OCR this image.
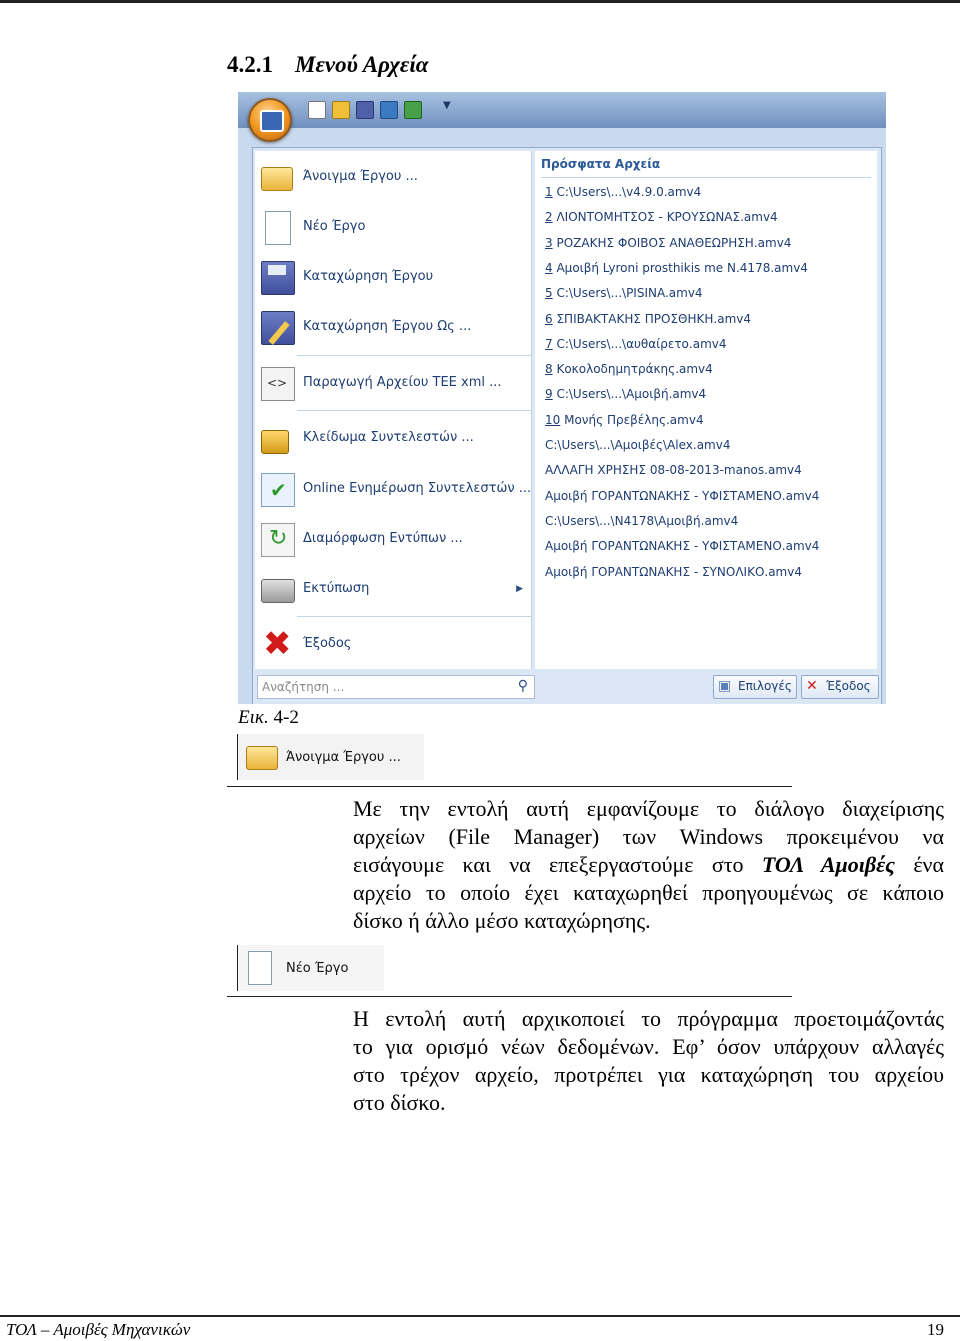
4.2.1 Μενού Αρχεία
▼
Άνοιγμα Έργου ...
Νέο Έργο
Καταχώρηση Έργου
Καταχώρηση Έργου Ως ...
<>
Παραγωγή Αρχείου ΤΕΕ xml ...
Κλείδωμα Συντελεστών ...
✔
Online Ενημέρωση Συντελεστών ...
↻
Διαμόρφωση Εντύπων ...
Εκτύπωση	▶
✖
Έξοδος
Πρόσφατα Αρχεία
1 C:\Users\...\v4.9.0.amv4
2 ΛΙΟΝΤΟΜΗΤΣΟΣ - ΚΡΟΥΣΩΝΑΣ.amv4
3 ΡΟΖΑΚΗΣ ΦΟΙΒΟΣ ΑΝΑΘΕΩΡΗΣΗ.amv4
4 Αμοιβή Lyroni prosthikis me N.4178.amv4
5 C:\Users\...\PISINA.amv4
6 ΣΠΙΒΑΚΤΑΚΗΣ ΠΡΟΣΘΗΚΗ.amv4
7 C:\Users\...\αυθαίρετο.amv4
8 Κοκολοδημητράκης.amv4
9 C:\Users\...\Αμοιβή.amv4
10 Μονής Πρεβέλης.amv4
C:\Users\...\Αμοιβές\Alex.amv4
ΑΛΛΑΓΗ ΧΡΗΣΗΣ 08-08-2013-manos.amv4
Αμοιβή ΓΟΡΑΝΤΩΝΑΚΗΣ - ΥΦΙΣΤΑΜΕΝΟ.amv4
C:\Users\...\N4178\Αμοιβή.amv4
Αμοιβή ΓΟΡΑΝΤΩΝΑΚΗΣ - ΥΦΙΣΤΑΜΕΝΟ.amv4
Αμοιβή ΓΟΡΑΝΤΩΝΑΚΗΣ - ΣΥΝΟΛΙΚΟ.amv4
Αναζήτηση ...	⚲	▣ Επιλογές ✕ Έξοδος
Εικ. 4-2
Άνοιγμα Έργου ...
Με την εντολή αυτή εμφανίζουμε το διάλογο διαχείρισης
αρχείων (File Manager) των Windows προκειμένου να
εισάγουμε και να επεξεργαστούμε στο ΤΟΛ Αμοιβές ένα
αρχείο το οποίο έχει καταχωρηθεί προηγουμένως σε κάποιο
δίσκο ή άλλο μέσο καταχώρησης.
Νέο Έργο
Η εντολή αυτή αρχικοποιεί το πρόγραμμα προετοιμάζοντάς
το για ορισμό νέων δεδομένων. Εφ’ όσον υπάρχουν αλλαγές
στο τρέχον αρχείο, προτρέπει για καταχώρηση του αρχείου
στο δίσκο.
ΤΟΛ – Αμοιβές Μηχανικών	19
